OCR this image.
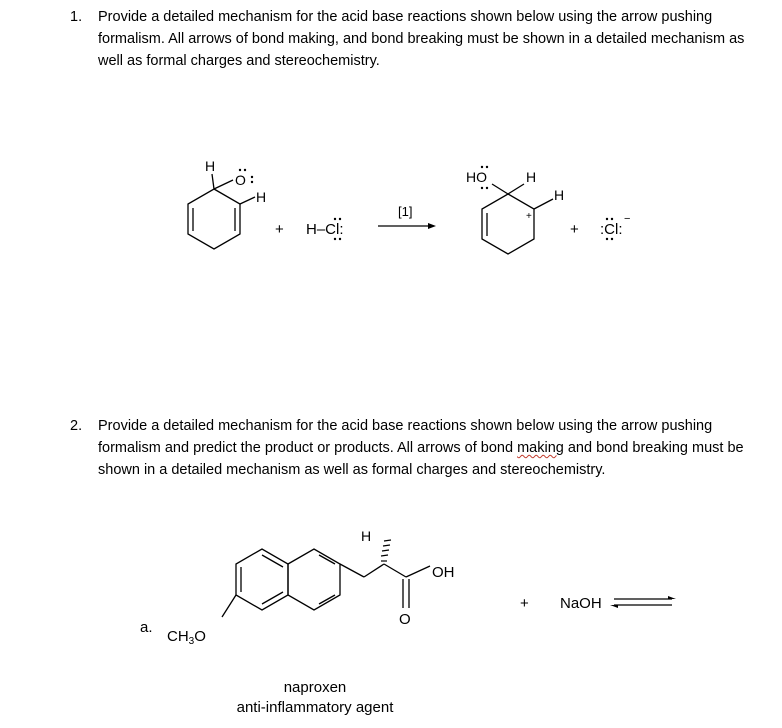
1. Provide a detailed mechanism for the acid base reactions shown below using the arrow pushing formalism. All arrows of bond making, and bond breaking must be shown in a detailed mechanism as well as formal charges and stereochemistry.
2. Provide a detailed mechanism for the acid base reactions shown below using the arrow pushing formalism and predict the product or products. All arrows of bond making and bond breaking must be shown in a detailed mechanism as well as formal charges and stereochemistry.
H
O
H
+ H–Cl:
[1]
HO	H
H
+
+ :Cl:
−
a.
$CH_3O$
H
OH
O
+ NaOH
naproxen
anti-inflammatory agent
